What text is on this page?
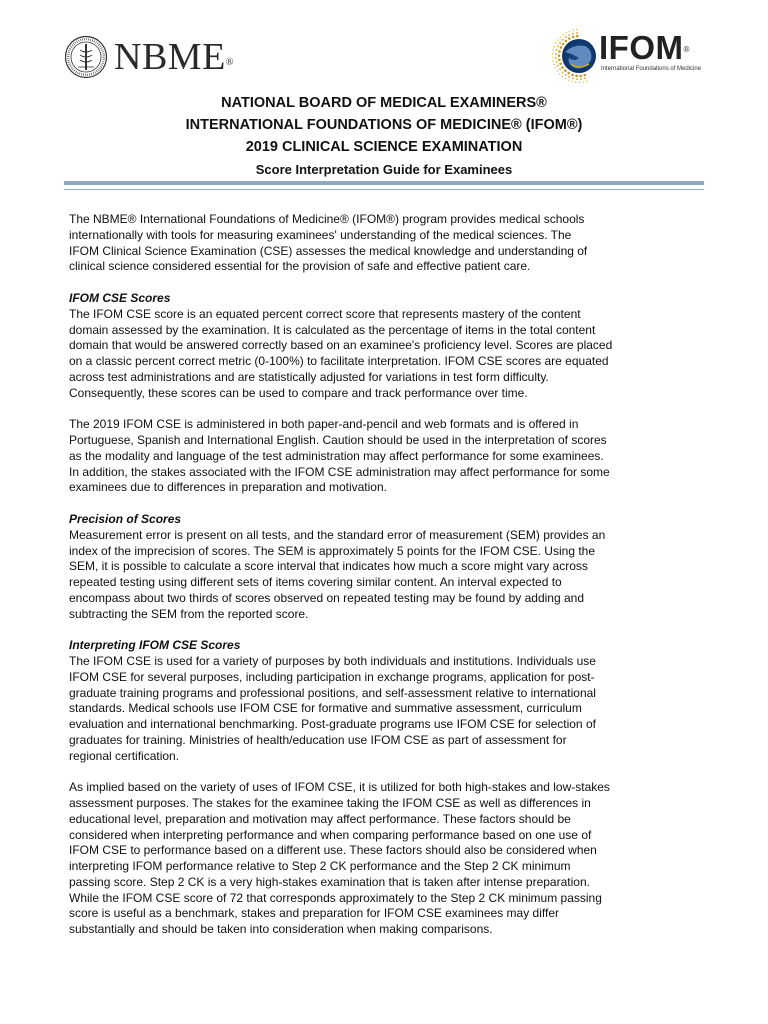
NBME®	IFOM®
International Foundations of Medicine
NATIONAL BOARD OF MEDICAL EXAMINERS®
INTERNATIONAL FOUNDATIONS OF MEDICINE® (IFOM®)
2019 CLINICAL SCIENCE EXAMINATION
Score Interpretation Guide for Examinees

The NBME® International Foundations of Medicine® (IFOM®) program provides medical schools
internationally with tools for measuring examinees' understanding of the medical sciences. The
IFOM Clinical Science Examination (CSE) assesses the medical knowledge and understanding of
clinical science considered essential for the provision of safe and effective patient care.

IFOM CSE Scores

The IFOM CSE score is an equated percent correct score that represents mastery of the content
domain assessed by the examination. It is calculated as the percentage of items in the total content
domain that would be answered correctly based on an examinee's proficiency level. Scores are placed
on a classic percent correct metric (0-100%) to facilitate interpretation. IFOM CSE scores are equated
across test administrations and are statistically adjusted for variations in test form difficulty.
Consequently, these scores can be used to compare and track performance over time.

The 2019 IFOM CSE is administered in both paper-and-pencil and web formats and is offered in
Portuguese, Spanish and International English. Caution should be used in the interpretation of scores
as the modality and language of the test administration may affect performance for some examinees.
In addition, the stakes associated with the IFOM CSE administration may affect performance for some
examinees due to differences in preparation and motivation.

Precision of Scores

Measurement error is present on all tests, and the standard error of measurement (SEM) provides an
index of the imprecision of scores. The SEM is approximately 5 points for the IFOM CSE. Using the
SEM, it is possible to calculate a score interval that indicates how much a score might vary across
repeated testing using different sets of items covering similar content. An interval expected to
encompass about two thirds of scores observed on repeated testing may be found by adding and
subtracting the SEM from the reported score.

Interpreting IFOM CSE Scores

The IFOM CSE is used for a variety of purposes by both individuals and institutions. Individuals use
IFOM CSE for several purposes, including participation in exchange programs, application for post-
graduate training programs and professional positions, and self-assessment relative to international
standards. Medical schools use IFOM CSE for formative and summative assessment, curriculum
evaluation and international benchmarking. Post-graduate programs use IFOM CSE for selection of
graduates for training. Ministries of health/education use IFOM CSE as part of assessment for
regional certification.

As implied based on the variety of uses of IFOM CSE, it is utilized for both high-stakes and low-stakes
assessment purposes. The stakes for the examinee taking the IFOM CSE as well as differences in
educational level, preparation and motivation may affect performance. These factors should be
considered when interpreting performance and when comparing performance based on one use of
IFOM CSE to performance based on a different use. These factors should also be considered when
interpreting IFOM performance relative to Step 2 CK performance and the Step 2 CK minimum
passing score. Step 2 CK is a very high-stakes examination that is taken after intense preparation.
While the IFOM CSE score of 72 that corresponds approximately to the Step 2 CK minimum passing
score is useful as a benchmark, stakes and preparation for IFOM CSE examinees may differ
substantially and should be taken into consideration when making comparisons.
